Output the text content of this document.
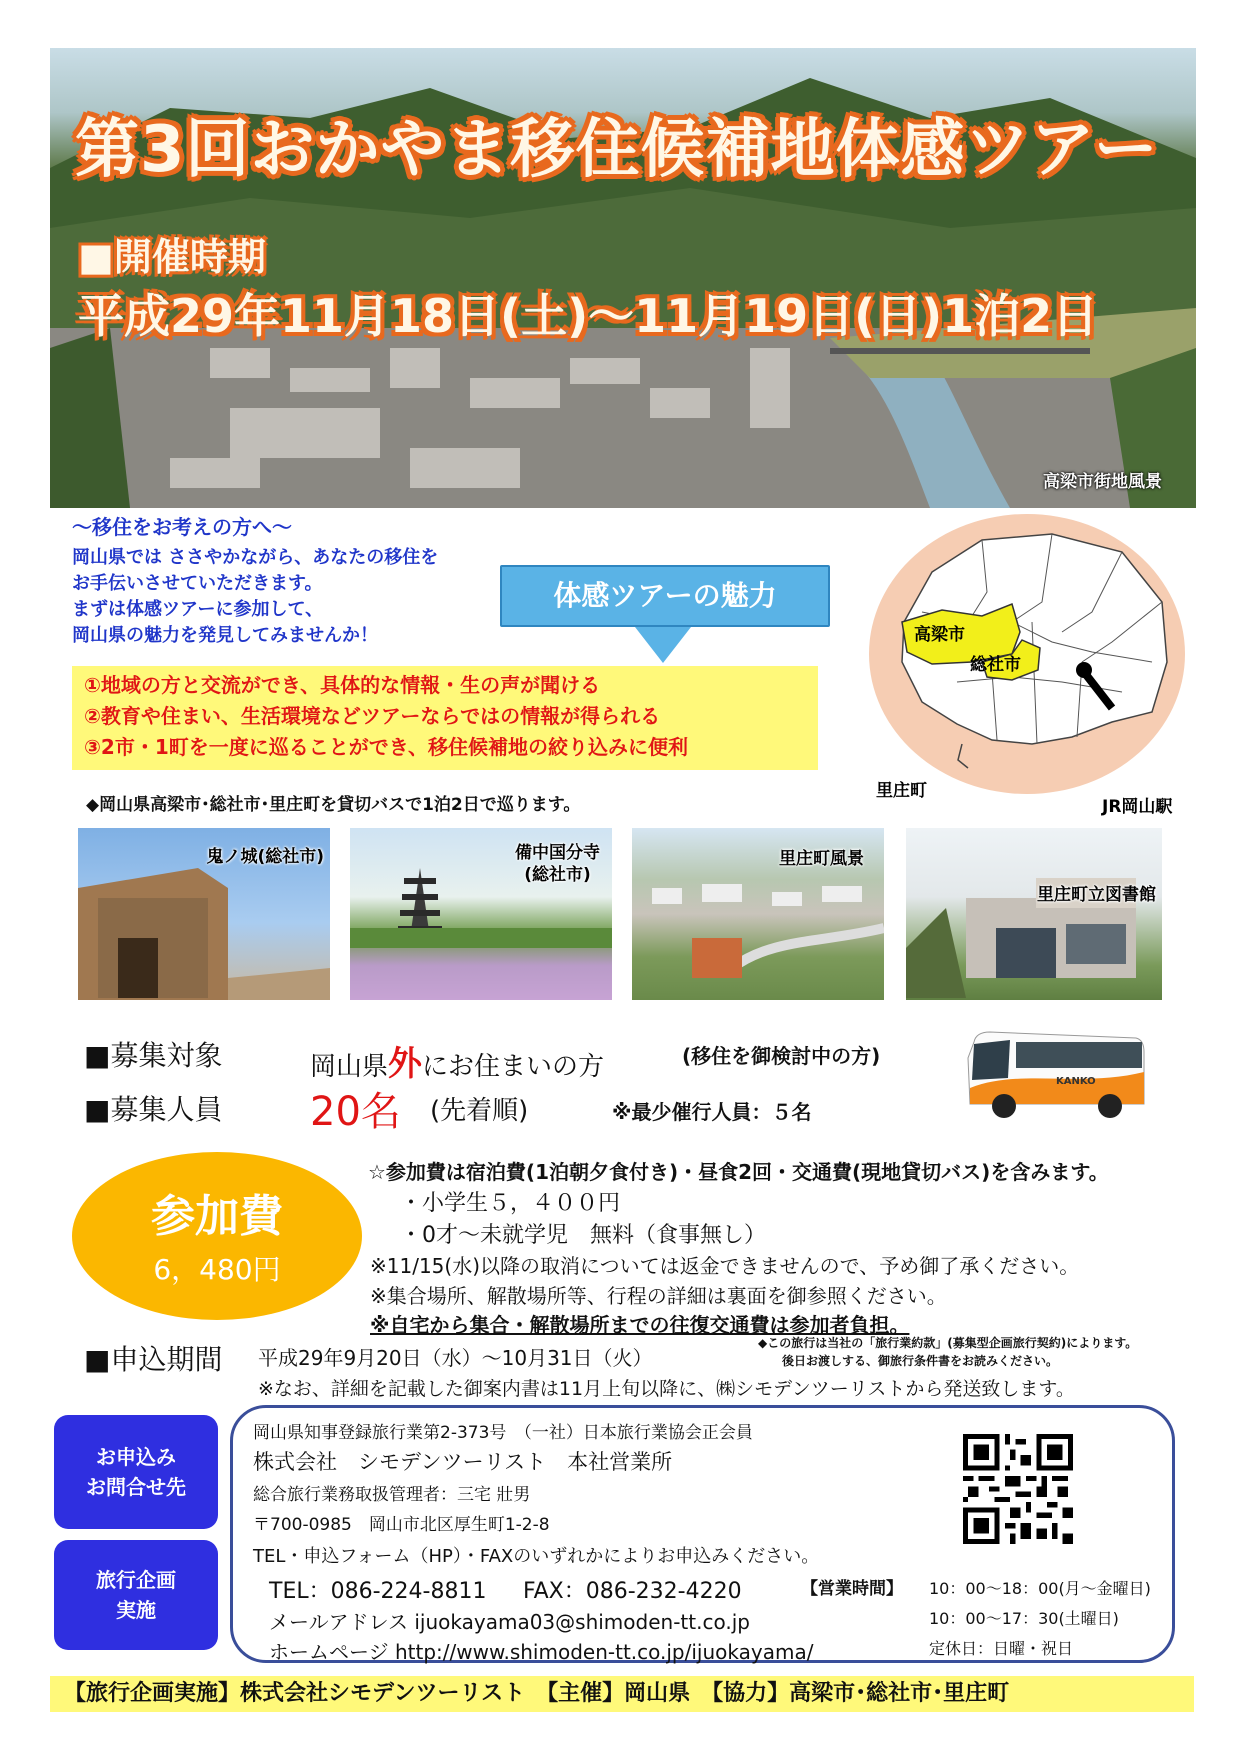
第3回おかやま移住候補地体感ツアー
■開催時期
平成29年11月18日(土)～11月19日(日)1泊2日
高梁市街地風景
～移住をお考えの方へ～
岡山県では ささやかながら、あなたの移住を
お手伝いさせていただきます。
まずは体感ツアーに参加して、
岡山県の魅力を発見してみませんか！
体感ツアーの魅力
①地域の方と交流ができ、具体的な情報・生の声が聞ける
②教育や住まい、生活環境などツアーならではの情報が得られる
③2市・1町を一度に巡ることができ、移住候補地の絞り込みに便利
高梁市
総社市
里庄町
JR岡山駅
◆岡山県高梁市･総社市･里庄町を貸切バスで1泊2日で巡ります。
鬼ノ城(総社市)	備中国分寺
(総社市)
里庄町風景
里庄町立図書館
■募集対象	岡山県外にお住まいの方	(移住を御検討中の方)
■募集人員 20名 (先着順)	※最少催行人員：５名
KANKO
参加費
6，480円
☆参加費は宿泊費(1泊朝夕食付き)・昼食2回・交通費(現地貸切バス)を含みます。
・小学生５，４００円
・0才～未就学児　無料（食事無し）
※11/15(水)以降の取消については返金できませんので、予め御了承ください。
※集合場所、解散場所等、行程の詳細は裏面を御参照ください。
※自宅から集合・解散場所までの往復交通費は参加者負担。
■申込期間 平成29年9月20日（水）～10月31日（火）
◆この旅行は当社の「旅行業約款」(募集型企画旅行契約)によります。
後日お渡しする、御旅行条件書をお読みください。
※なお、詳細を記載した御案内書は11月上旬以降に、㈱シモデンツーリストから発送致します。
お申込み
お問合せ先
旅行企画
実施
岡山県知事登録旅行業第2-373号　（一社）日本旅行業協会正会員
株式会社　シモデンツーリスト　本社営業所
総合旅行業務取扱管理者：三宅 壯男
〒700-0985　岡山市北区厚生町1-2-8
TEL・申込フォーム（HP）・FAXのいずれかによりお申込みください。
TEL：086-224-8811 FAX：086-232-4220
メールアドレス ijuokayama03@shimoden-tt.co.jp
ホームページ http://www.shimoden-tt.co.jp/ijuokayama/
【営業時間】 10：00～18：00(月～金曜日)
10：00～17：30(土曜日)
定休日：日曜・祝日
【旅行企画実施】株式会社シモデンツーリスト　【主催】岡山県　【協力】高梁市･総社市･里庄町
